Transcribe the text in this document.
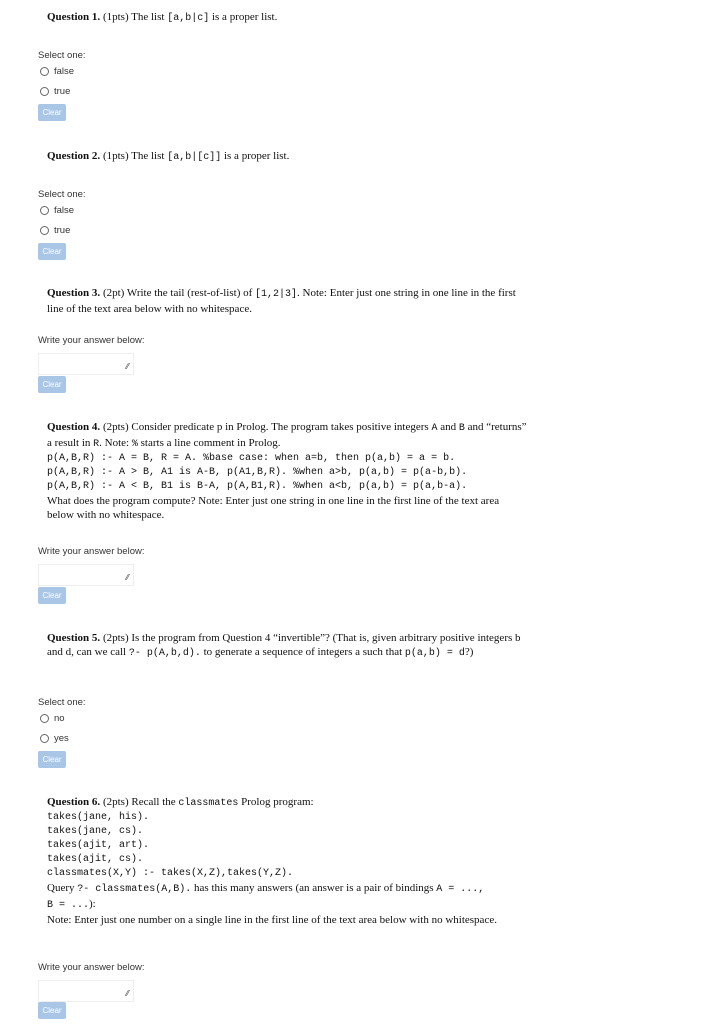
Question 1. (1pts) The list [a,b|c] is a proper list.

Select one:
false
true
Clear

Question 2. (1pts) The list [a,b|[c]] is a proper list.

Select one:
false
true
Clear

Question 3. (2pt) Write the tail (rest-of-list) of [1,2|3]. Note: Enter just one string in one line in the first line of the text area below with no whitespace.

Write your answer below:
⁄⁄
Clear

Question 4. (2pts) Consider predicate p in Prolog. The program takes positive integers A and B and “returns” a result in R. Note: % starts a line comment in Prolog.

p(A,B,R) :- A = B, R = A. %base case: when a=b, then p(a,b) = a = b.

p(A,B,R) :- A > B, A1 is A-B, p(A1,B,R). %when a>b, p(a,b) = p(a-b,b).

p(A,B,R) :- A < B, B1 is B-A, p(A,B1,R). %when a<b, p(a,b) = p(a,b-a).

What does the program compute? Note: Enter just one string in one line in the first line of the text area below with no whitespace.

Write your answer below:
⁄⁄
Clear

Question 5. (2pts) Is the program from Question 4 “invertible”? (That is, given arbitrary positive integers b and d, can we call ?- p(A,b,d). to generate a sequence of integers a such that p(a,b) = d?)

Select one:
no
yes
Clear

Question 6. (2pts) Recall the classmates Prolog program:

takes(jane, his).

takes(jane, cs).

takes(ajit, art).

takes(ajit, cs).

classmates(X,Y) :- takes(X,Z),takes(Y,Z).

Query ?- classmates(A,B). has this many answers (an answer is a pair of bindings A = ...,
B = ...):

Note: Enter just one number on a single line in the first line of the text area below with no whitespace.

Write your answer below:
⁄⁄
Clear
